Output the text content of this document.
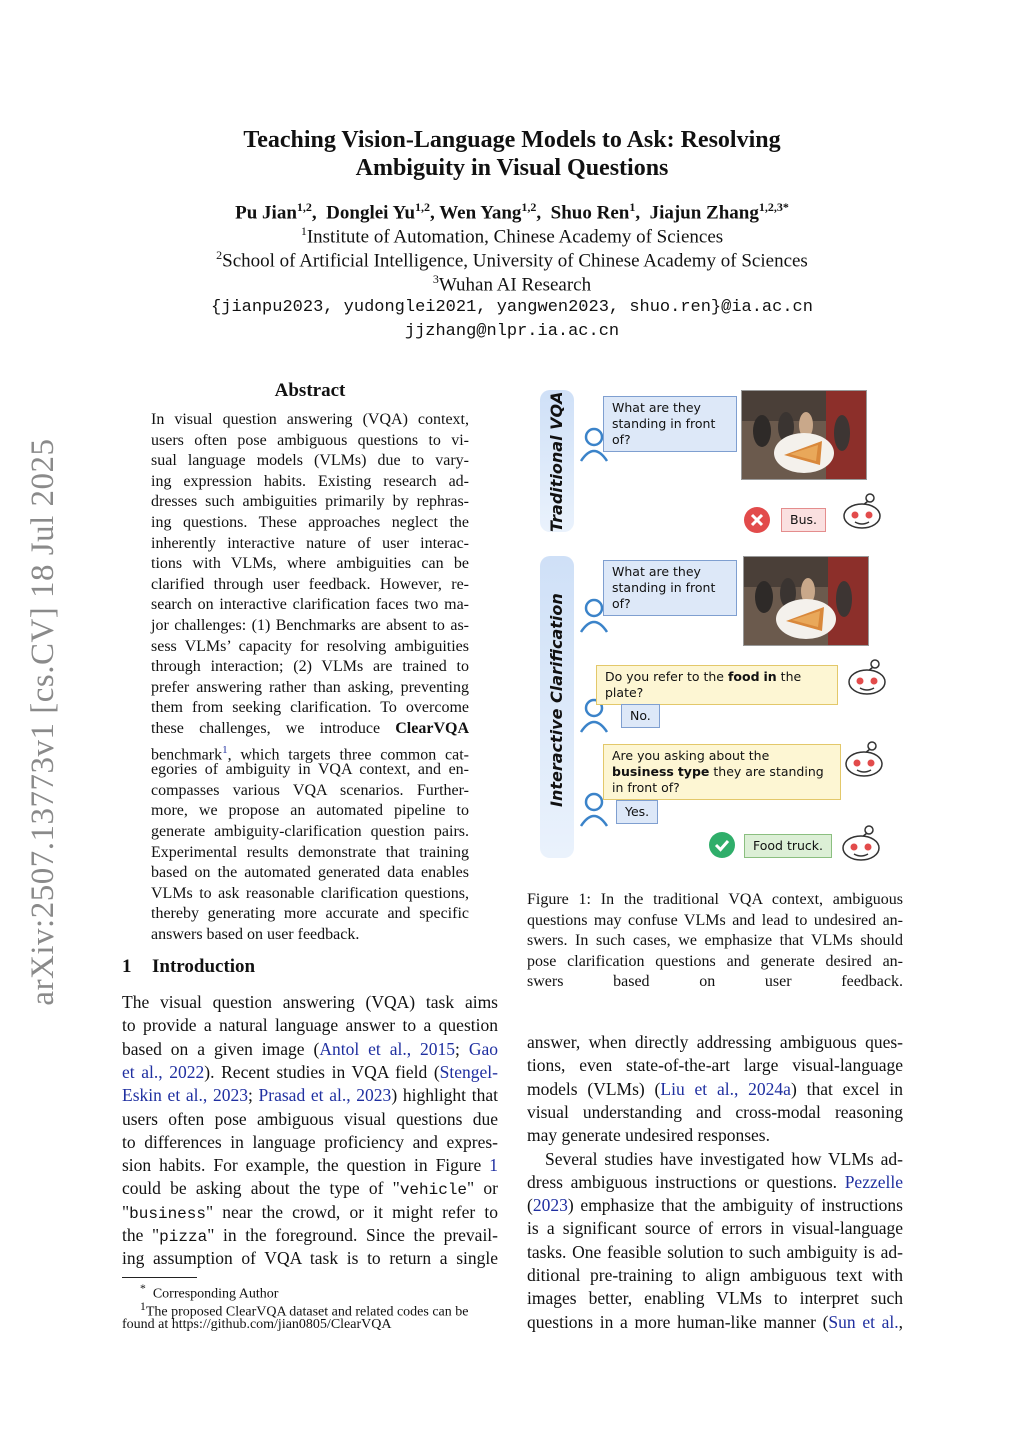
arXiv:2507.13773v1 [cs.CV] 18 Jul 2025
Teaching Vision-Language Models to Ask: Resolving
Ambiguity in Visual Questions
Pu Jian$^{1,2}$,  Donglei Yu$^{1,2}$, Wen Yang$^{1,2}$,  Shuo Ren$^1$,  Jiajun Zhang$^{1,2,3*}$
$^1$Institute of Automation, Chinese Academy of Sciences
$^2$School of Artificial Intelligence, University of Chinese Academy of Sciences
$^3$Wuhan AI Research
{jianpu2023, yudonglei2021, yangwen2023, shuo.ren}@ia.ac.cn
jjzhang@nlpr.ia.ac.cn
Abstract
In visual question answering (VQA) context,
users often pose ambiguous questions to vi-
sual language models (VLMs) due to vary-
ing expression habits. Existing research ad-
dresses such ambiguities primarily by rephras-
ing questions. These approaches neglect the
inherently interactive nature of user interac-
tions with VLMs, where ambiguities can be
clarified through user feedback. However, re-
search on interactive clarification faces two ma-
jor challenges: (1) Benchmarks are absent to as-
sess VLMs’ capacity for resolving ambiguities
through interaction; (2) VLMs are trained to
prefer answering rather than asking, preventing
them from seeking clarification. To overcome
these challenges, we introduce ClearVQA
benchmark$^1$, which targets three common cat-
egories of ambiguity in VQA context, and en-
compasses various VQA scenarios. Further-
more, we propose an automated pipeline to
generate ambiguity-clarification question pairs.
Experimental results demonstrate that training
based on the automated generated data enables
VLMs to ask reasonable clarification questions,
thereby generating more accurate and specific
answers based on user feedback.
1 Introduction
The visual question answering (VQA) task aims
to provide a natural language answer to a question
based on a given image (Antol et al., 2015; Gao
et al., 2022). Recent studies in VQA field (Stengel-
Eskin et al., 2023; Prasad et al., 2023) highlight that
users often pose ambiguous visual questions due
to differences in language proficiency and expres-
sion habits. For example, the question in Figure 1
could be asking about the type of "vehicle" or
"business" near the crowd, or it might refer to
the "pizza" in the foreground. Since the prevail-
ing assumption of VQA task is to return a single
answer, when directly addressing ambiguous ques-
tions, even state-of-the-art large visual-language
models (VLMs) (Liu et al., 2024a) that excel in
visual understanding and cross-modal reasoning
may generate undesired responses.
Several studies have investigated how VLMs ad-
dress ambiguous instructions or questions. Pezzelle
(2023) emphasize that the ambiguity of instructions
is a significant source of errors in visual-language
tasks. One feasible solution to such ambiguity is ad-
ditional pre-training to align ambiguous text with
images better, enabling VLMs to interpret such
questions in a more human-like manner (Sun et al.,
* Corresponding Author
$^1$The proposed ClearVQA dataset and related codes can be
found at https://github.com/jian0805/ClearVQA
Traditional VQA
Interactive Clarification
What are they standing in front of?
What are they standing in front of?
Bus.
Do you refer to the food in the plate?
No.
Are you asking about the business type they are standing in front of?
Yes.
Food truck.
Figure 1: In the traditional VQA context, ambiguous
questions may confuse VLMs and lead to undesired an-
swers. In such cases, we emphasize that VLMs should
pose clarification questions and generate desired an-
swers based on user feedback.
